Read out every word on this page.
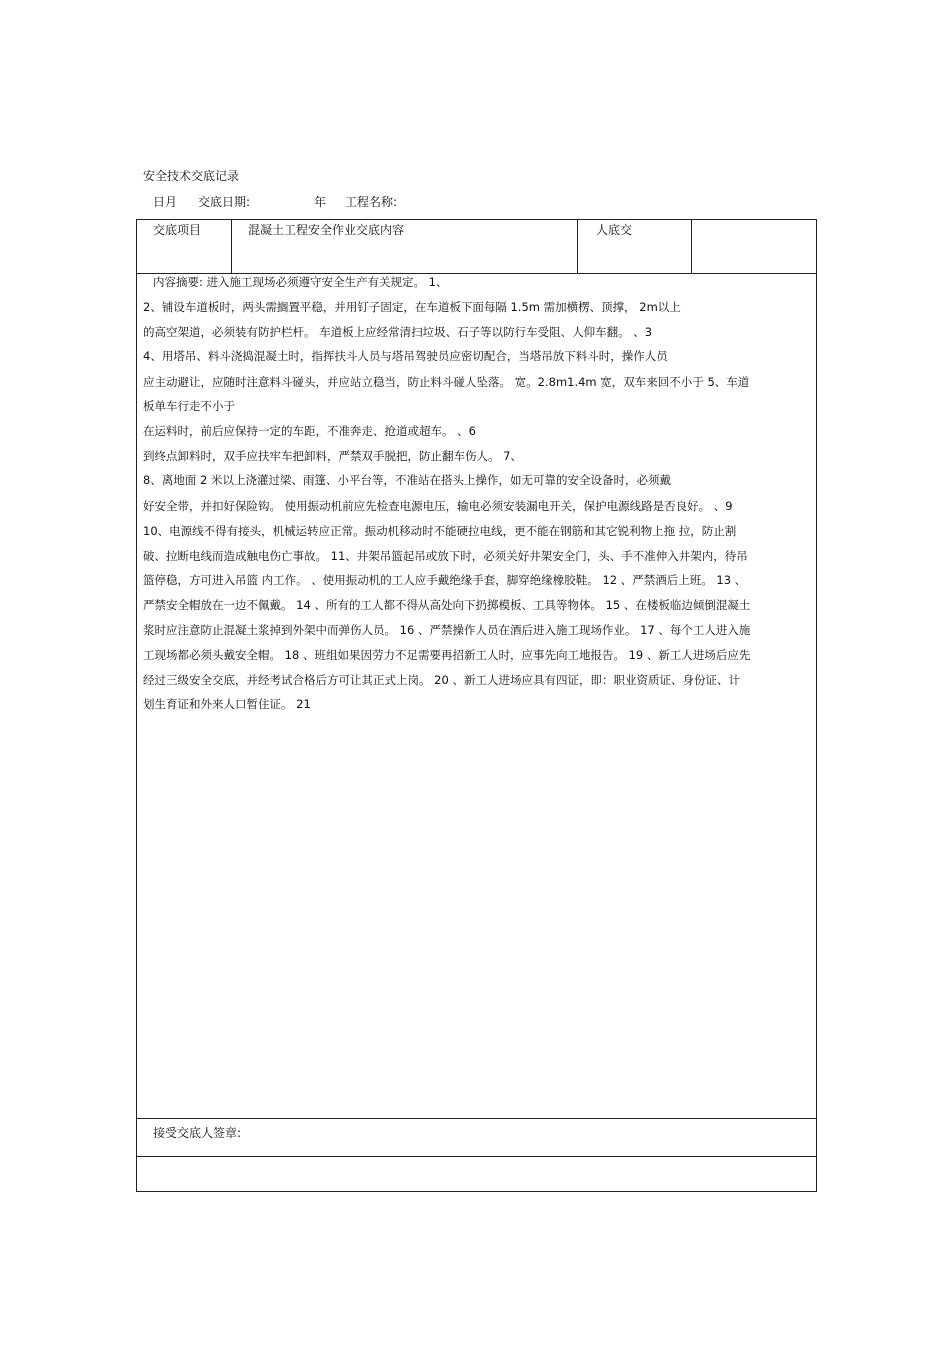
安全技术交底记录
日月 交底日期:	年 工程名称:
交底项目	混凝土工程安全作业交底内容	人底交
内容摘要: 进入施工现场必须遵守安全生产有关规定。 1、
2、铺设车道板时，两头需搁置平稳，并用钉子固定，在车道板下面每隔 1.5m 需加横楞、顶撑， 2m以上
的高空架道，必须装有防护栏杆。 车道板上应经常清扫垃圾、石子等以防行车受阻、人仰车翻。 、3
4、用塔吊、料斗浇捣混凝土时，指挥扶斗人员与塔吊驾驶员应密切配合，当塔吊放下料斗时，操作人员
应主动避让，应随时注意料斗碰头，并应站立稳当，防止料斗碰人坠落。 宽。2.8m1.4m 宽，双车来回不小于 5、车道
板单车行走不小于
在运料时，前后应保持一定的车距，不准奔走、抢道或超车。 、6
到终点卸料时，双手应扶牢车把卸料，严禁双手脱把，防止翻车伤人。 7、
8、离地面 2 米以上浇灌过梁、雨篷、小平台等，不准站在搭头上操作，如无可靠的安全设备时，必须戴
好安全带，并扣好保险钩。 使用振动机前应先检查电源电压，输电必须安装漏电开关，保护电源线路是否良好。 、9
10、电源线不得有接头，机械运转应正常。振动机移动时不能硬拉电线，更不能在钢筋和其它锐利物上拖 拉，防止割
破、拉断电线而造成触电伤亡事故。 11、井架吊篮起吊或放下时，必须关好井架安全门，头、手不准伸入井架内，待吊
篮停稳，方可进入吊篮 内工作。 、使用振动机的工人应手戴绝缘手套，脚穿绝缘橡胶鞋。 12 、严禁酒后上班。 13 、
严禁安全帽放在一边不佩戴。 14 、所有的工人都不得从高处向下扔掷模板、工具等物体。 15 、在楼板临边倾倒混凝土
浆时应注意防止混凝土浆掉到外架中而弹伤人员。 16 、严禁操作人员在酒后进入施工现场作业。 17 、每个工人进入施
工现场都必须头戴安全帽。 18 、班组如果因劳力不足需要再招新工人时，应事先向工地报告。 19 、新工人进场后应先
经过三级安全交底，并经考试合格后方可让其正式上岗。 20 、新工人进场应具有四证，即：职业资质证、身份证、计
划生育证和外来人口暂住证。 21
接受交底人签章:
